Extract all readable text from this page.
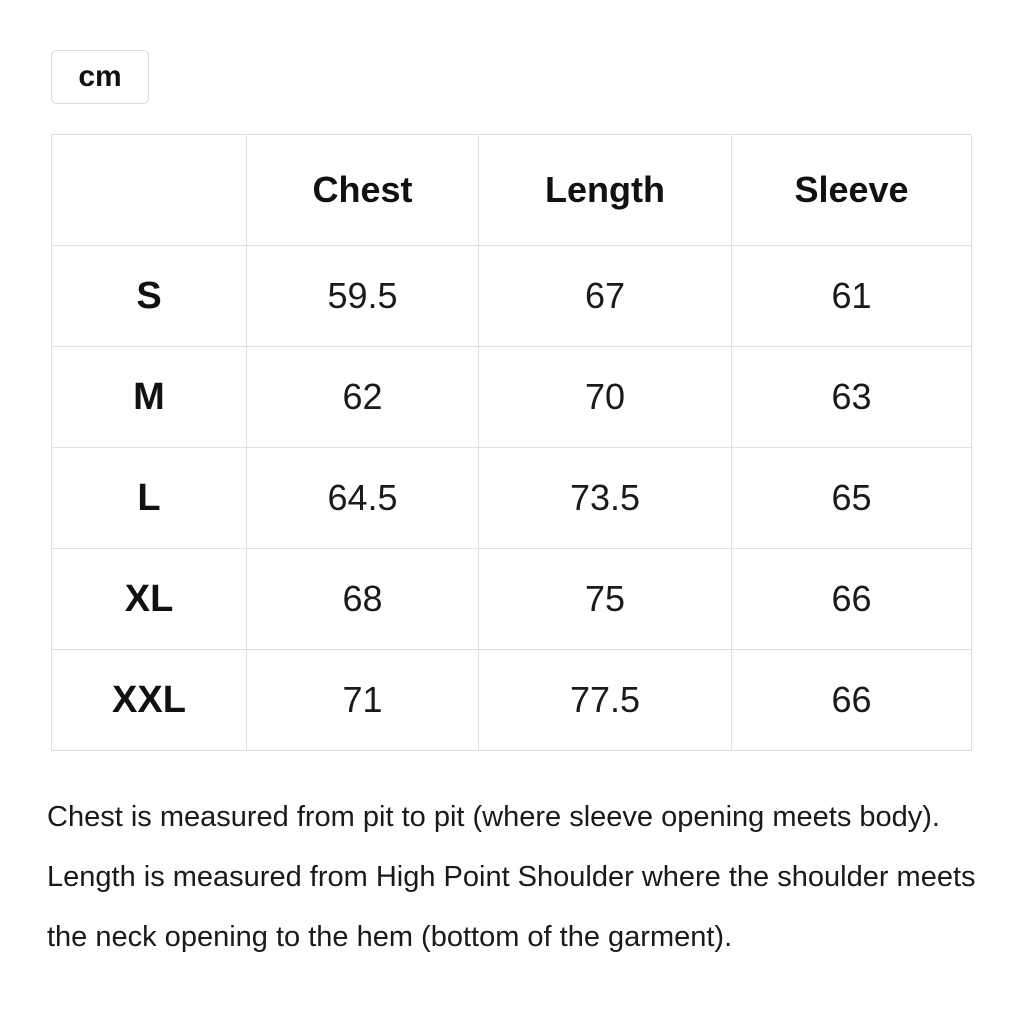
cm
	Chest	Length	Sleeve
S	59.5	67	61
M	62	70	63
L	64.5	73.5	65
XL	68	75	66
XXL	71	77.5	66

Chest is measured from pit to pit (where sleeve opening meets body). Length is measured from High Point Shoulder where the shoulder meets the neck opening to the hem (bottom of the garment).
